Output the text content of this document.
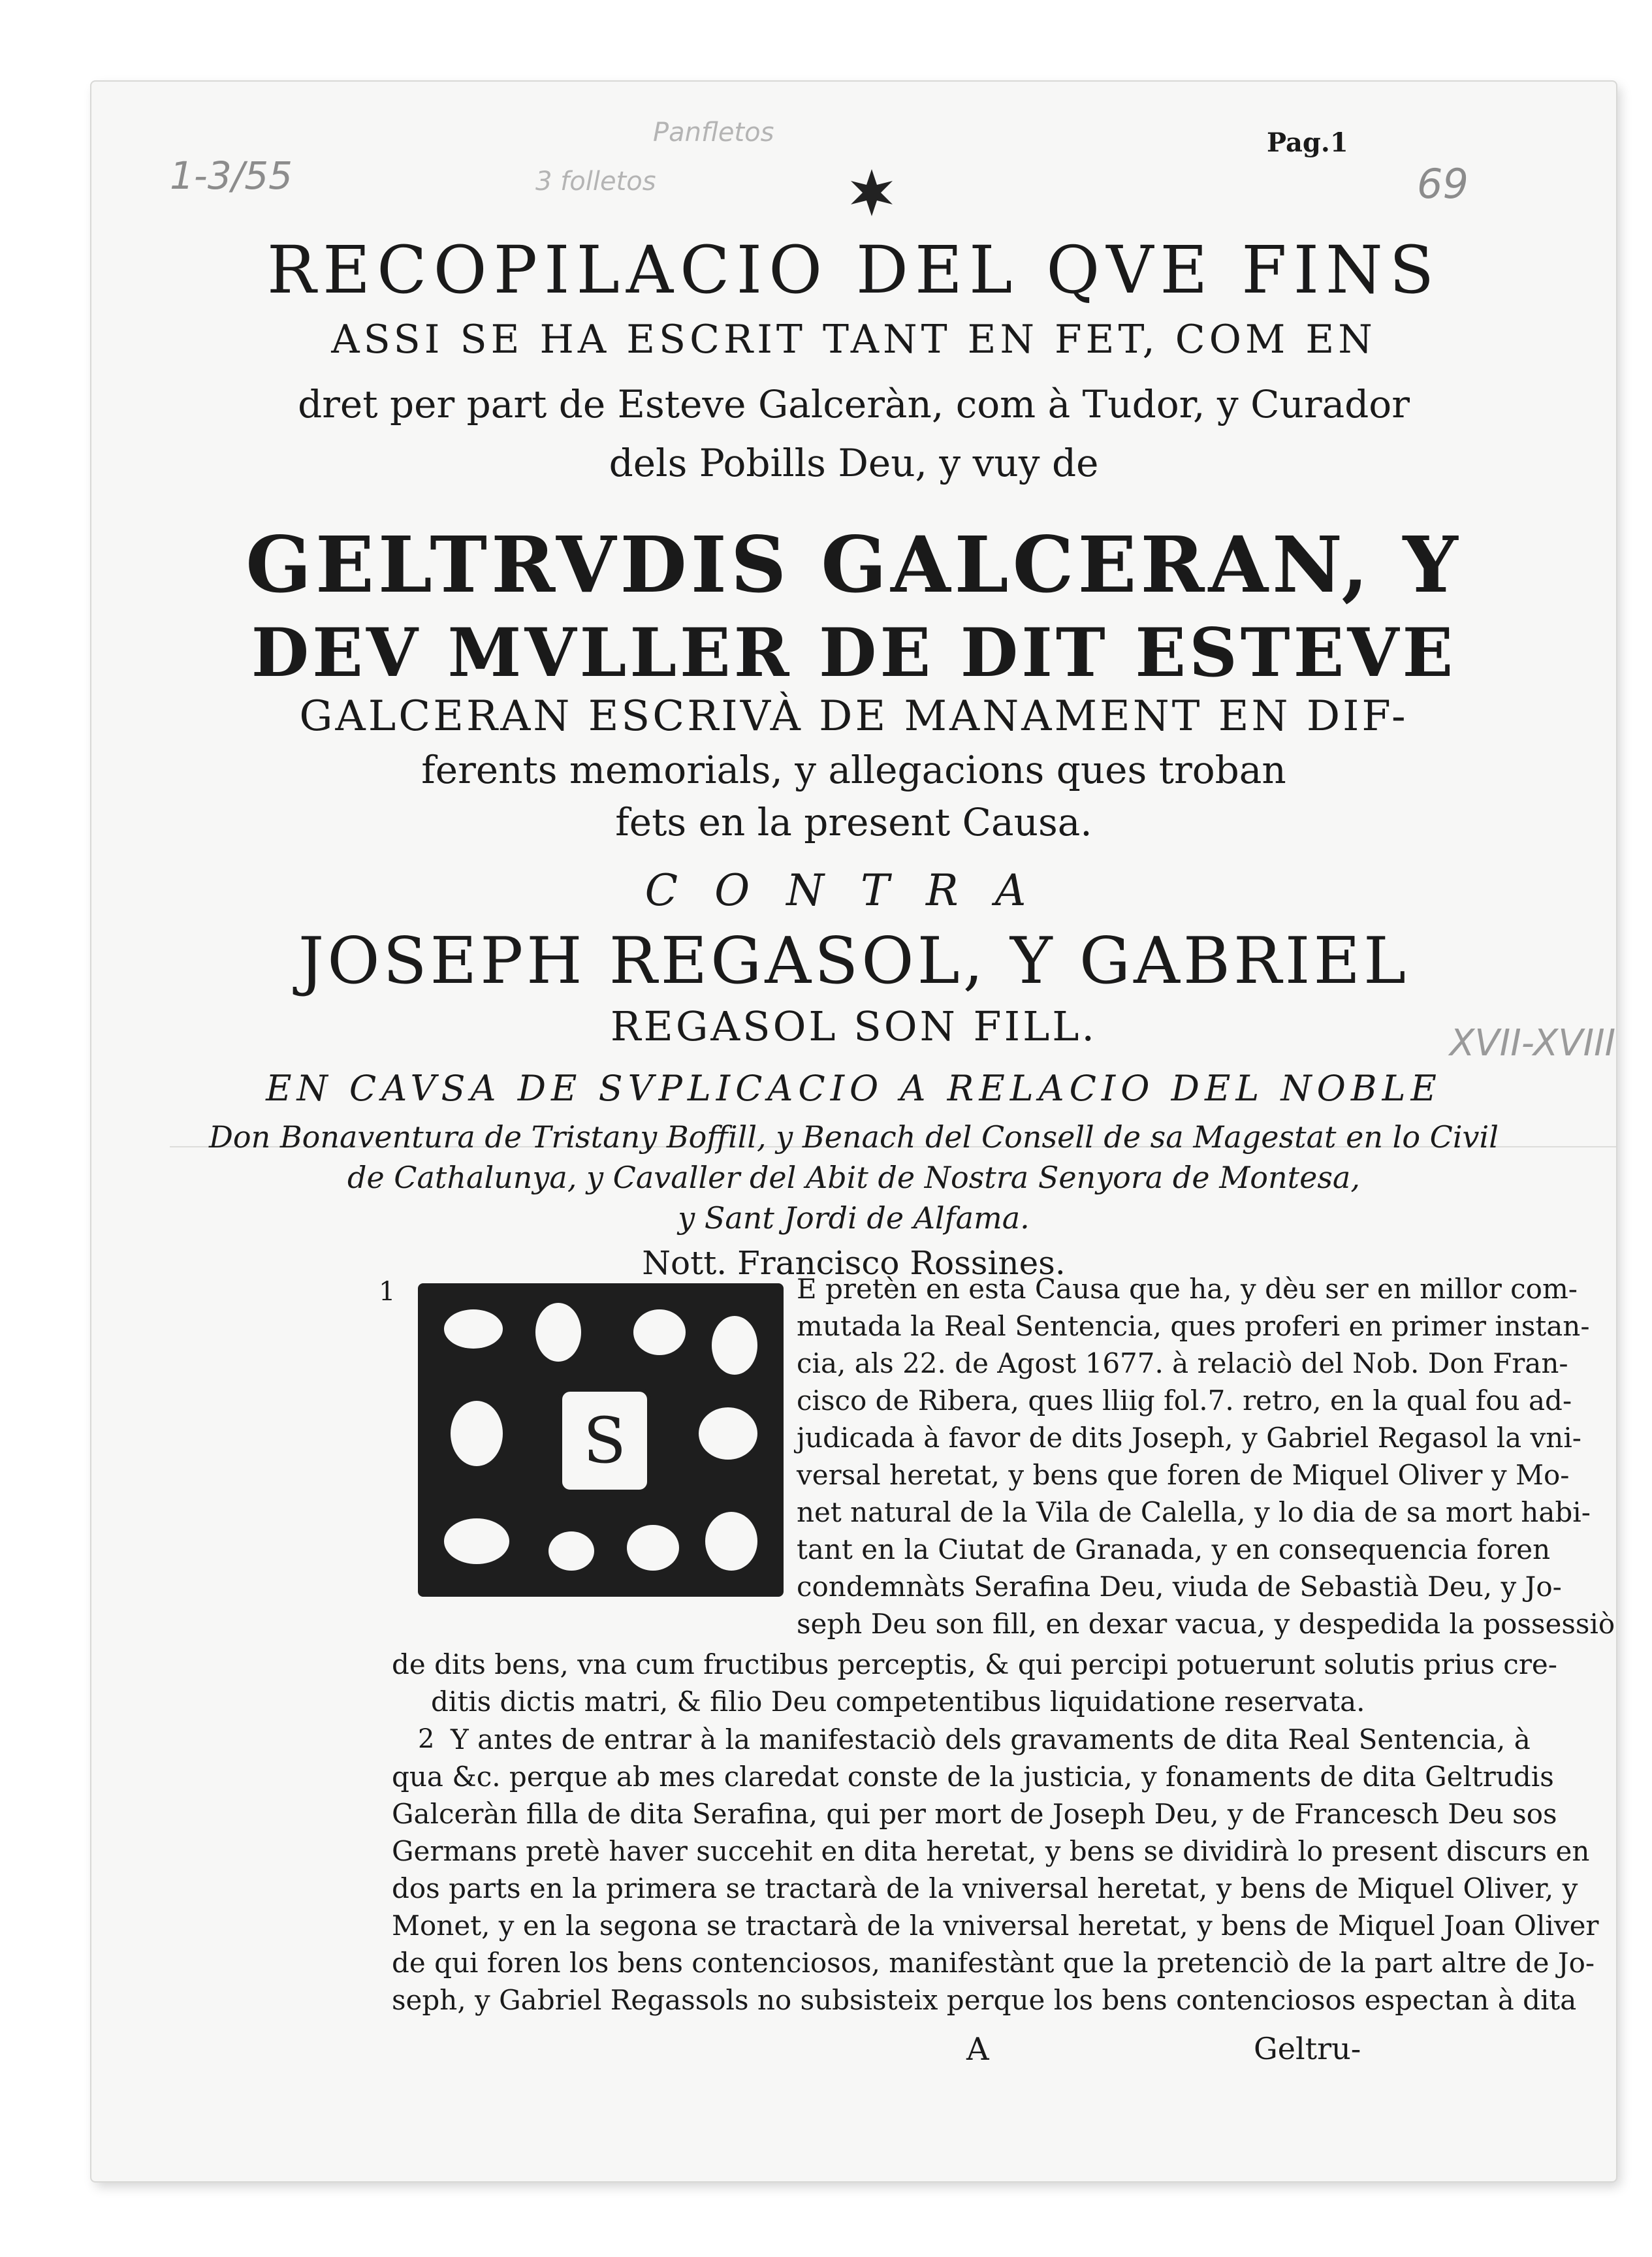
1-3/55	3 folletos
Panfletos	Pag.1
69
XVII-XVIII
RECOPILACIO DEL QVE FINS
ASSI SE HA ESCRIT TANT EN FET, COM EN
dret per part de Esteve Galceràn, com à Tudor, y Curador
dels Pobills Deu, y vuy de
GELTRVDIS GALCERAN, Y
DEV MVLLER DE DIT ESTEVE
GALCERAN ESCRIVÀ DE MANAMENT EN DIF-
ferents memorials, y allegacions ques troban
fets en la present Causa.
CONTRA
JOSEPH REGASOL, Y GABRIEL
REGASOL SON FILL.
EN CAVSA DE SVPLICACIO A RELACIO DEL NOBLE
Don Bonaventura de Tristany Boffill, y Benach del Consell de sa Magestat en lo Civil
de Cathalunya, y Cavaller del Abit de Nostra Senyora de Montesa,
y Sant Jordi de Alfama.
Nott. Francisco Rossines.
1
S
E pretèn en esta Causa que ha, y dèu ser en millor com-
mutada la Real Sentencia, ques proferi en primer instan-
cia, als 22. de Agost 1677. à relaciò del Nob. Don Fran-
cisco de Ribera, ques lliig fol.7. retro, en la qual fou ad-
judicada à favor de dits Joseph, y Gabriel Regasol la vni-
versal heretat, y bens que foren de Miquel Oliver y Mo-
net natural de la Vila de Calella, y lo dia de sa mort habi-
tant en la Ciutat de Granada, y en consequencia foren
condemnàts Serafina Deu, viuda de Sebastià Deu, y Jo-
seph Deu son fill, en dexar vacua, y despedida la possessiò
de dits bens, vna cum fructibus perceptis, & qui percipi potuerunt solutis prius cre-
ditis dictis matri, & filio Deu competentibus liquidatione reservata.
2 Y antes de entrar à la manifestaciò dels gravaments de dita Real Sentencia, à
qua &c. perque ab mes claredat conste de la justicia, y fonaments de dita Geltrudis
Galceràn filla de dita Serafina, qui per mort de Joseph Deu, y de Francesch Deu sos
Germans pretè haver succehit en dita heretat, y bens se dividirà lo present discurs en
dos parts en la primera se tractarà de la vniversal heretat, y bens de Miquel Oliver, y
Monet, y en la segona se tractarà de la vniversal heretat, y bens de Miquel Joan Oliver
de qui foren los bens contenciosos, manifestànt que la pretenciò de la part altre de Jo-
seph, y Gabriel Regassols no subsisteix perque los bens contenciosos espectan à dita
A	Geltru-
